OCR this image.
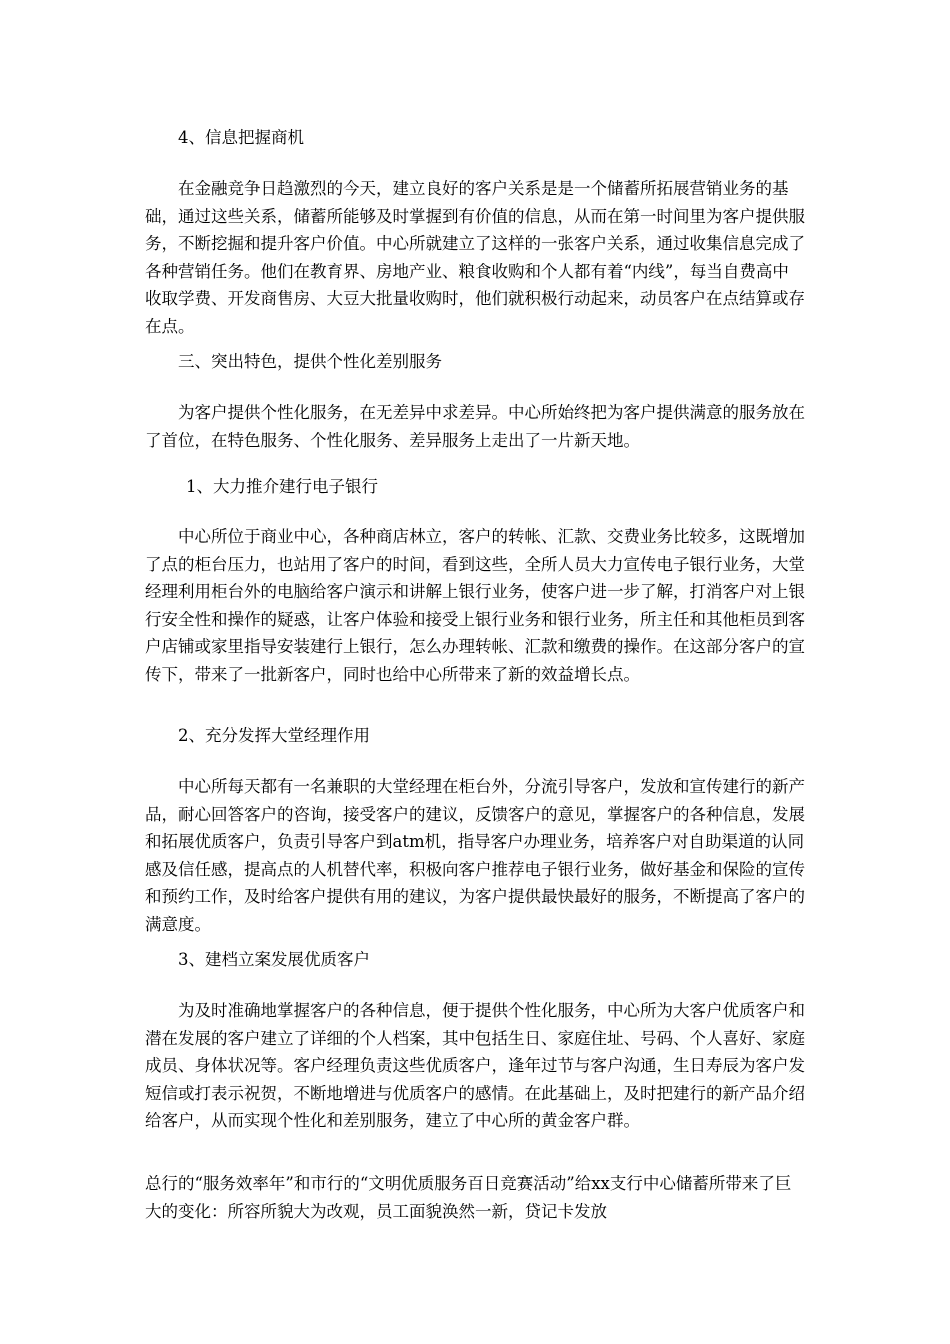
4、信息把握商机
在金融竞争日趋激烈的今天，建立良好的客户关系是是一个储蓄所拓展营销业务的基础，通过这些关系，储蓄所能够及时掌握到有价值的信息，从而在第一时间里为客户提供服务，不断挖掘和提升客户价值。中心所就建立了这样的一张客户关系，通过收集信息完成了各种营销任务。他们在教育界、房地产业、粮食收购和个人都有着“内线”，每当自费高中收取学费、开发商售房、大豆大批量收购时，他们就积极行动起来，动员客户在点结算或存在点。
三、突出特色，提供个性化差别服务
为客户提供个性化服务，在无差异中求差异。中心所始终把为客户提供满意的服务放在了首位，在特色服务、个性化服务、差异服务上走出了一片新天地。
1、大力推介建行电子银行
中心所位于商业中心，各种商店林立，客户的转帐、汇款、交费业务比较多，这既增加了点的柜台压力，也站用了客户的时间，看到这些，全所人员大力宣传电子银行业务，大堂经理利用柜台外的电脑给客户演示和讲解上银行业务，使客户进一步了解，打消客户对上银行安全性和操作的疑惑，让客户体验和接受上银行业务和银行业务，所主任和其他柜员到客户店铺或家里指导安装建行上银行，怎么办理转帐、汇款和缴费的操作。在这部分客户的宣传下，带来了一批新客户，同时也给中心所带来了新的效益增长点。
2、充分发挥大堂经理作用
中心所每天都有一名兼职的大堂经理在柜台外，分流引导客户，发放和宣传建行的新产品，耐心回答客户的咨询，接受客户的建议，反馈客户的意见，掌握客户的各种信息，发展和拓展优质客户，负责引导客户到atm机，指导客户办理业务，培养客户对自助渠道的认同感及信任感，提高点的人机替代率，积极向客户推荐电子银行业务，做好基金和保险的宣传和预约工作，及时给客户提供有用的建议，为客户提供最快最好的服务，不断提高了客户的满意度。
3、建档立案发展优质客户
为及时准确地掌握客户的各种信息，便于提供个性化服务，中心所为大客户优质客户和潜在发展的客户建立了详细的个人档案，其中包括生日、家庭住址、号码、个人喜好、家庭成员、身体状况等。客户经理负责这些优质客户，逢年过节与客户沟通，生日寿辰为客户发短信或打表示祝贺，不断地增进与优质客户的感情。在此基础上，及时把建行的新产品介绍给客户，从而实现个性化和差别服务，建立了中心所的黄金客户群。
总行的“服务效率年”和市行的“文明优质服务百日竞赛活动”给xx支行中心储蓄所带来了巨大的变化：所容所貌大为改观，员工面貌涣然一新，贷记卡发放
